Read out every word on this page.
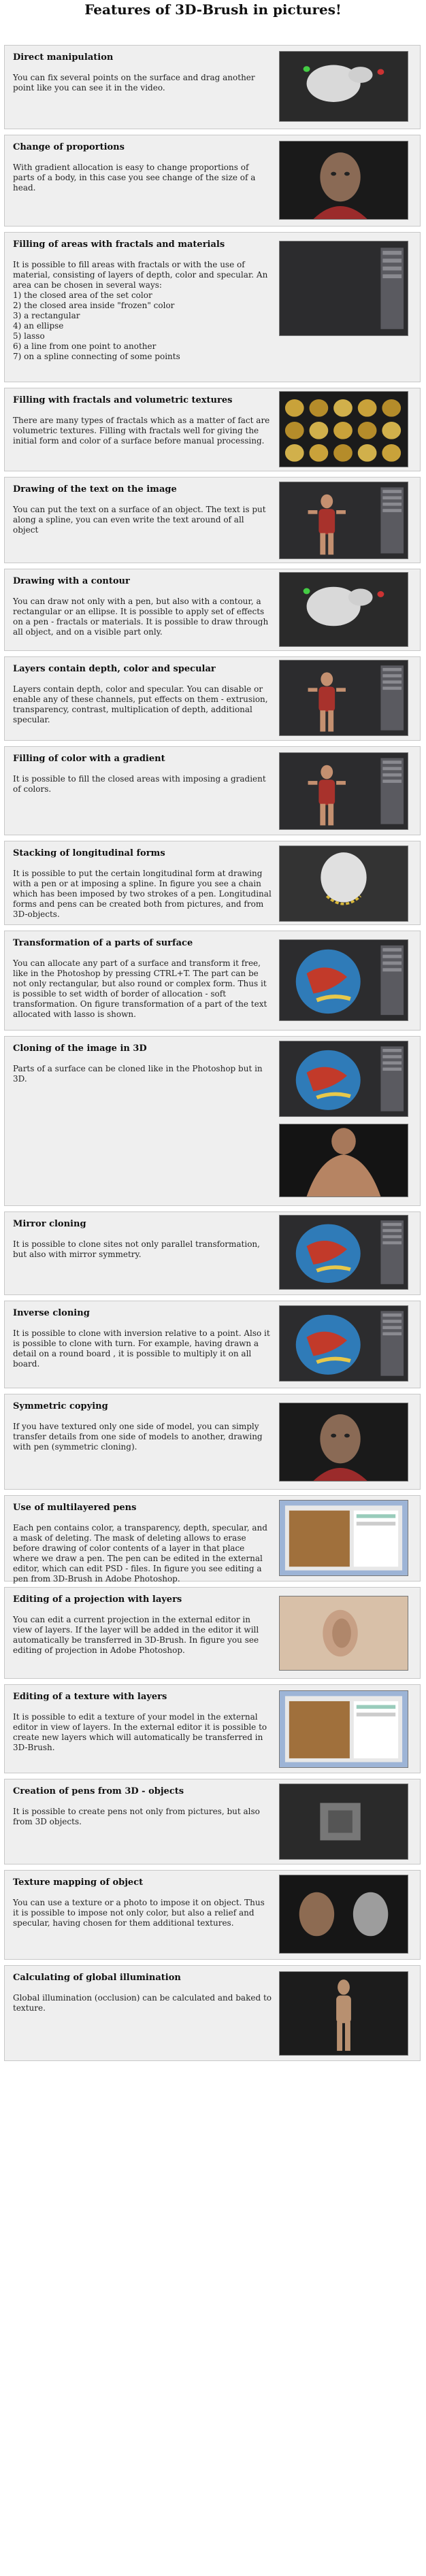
Features of 3D-Brush in pictures!
Direct manipulation
You can fix several points on the surface and drag another point like you can see it in the video.
Change of proportions
With gradient allocation is easy to change proportions of parts of a body, in this case you see change of the size of a head.
Filling of areas with fractals and materials
It is possible to fill areas with fractals or with the use of material, consisting of layers of depth, color and specular. An area can be chosen in several ways:
1) the closed area of the set color
2) the closed area inside "frozen" color
3) a rectangular
4) an ellipse
5) lasso
6) a line from one point to another
7) on a spline connecting of some points
Filling with fractals and volumetric textures
There are many types of fractals which as a matter of fact are volumetric textures. Filling with fractals well for giving the initial form and color of a surface before manual processing.
Drawing of the text on the image
You can put the text on a surface of an object. The text is put along a spline, you can even write the text around of all object
Drawing with a contour
You can draw not only with a pen, but also with a contour, a rectangular or an ellipse. It is possible to apply set of effects on a pen - fractals or materials. It is possible to draw through all object, and on a visible part only.
Layers contain depth, color and specular
Layers contain depth, color and specular. You can disable or enable any of these channels, put effects on them - extrusion, transparency, contrast, multiplication of depth, additional specular.
Filling of color with a gradient
It is possible to fill the closed areas with imposing a gradient of colors.
Stacking of longitudinal forms
It is possible to put the certain longitudinal form at drawing with a pen or at imposing a spline. In figure you see a chain which has been imposed by two strokes of a pen. Longitudinal forms and pens can be created both from pictures, and from 3D-objects.
Transformation of a parts of surface
You can allocate any part of a surface and transform it free, like in the Photoshop by pressing CTRL+T. The part can be not only rectangular, but also round or complex form. Thus it is possible to set width of border of allocation - soft transformation. On figure transformation of a part of the text allocated with lasso is shown.
Cloning of the image in 3D
Parts of a surface can be cloned like in the Photoshop but in 3D.
Mirror cloning
It is possible to clone sites not only parallel transformation, but also with mirror symmetry.
Inverse cloning
It is possible to clone with inversion relative to a point. Also it is possible to clone with turn. For example, having drawn a detail on a round board , it is possible to multiply it on all board.
Symmetric copying
If you have textured only one side of model, you can simply transfer details from one side of models to another, drawing with pen (symmetric cloning).
Use of multilayered pens
Each pen contains color, a transparency, depth, specular, and a mask of deleting. The mask of deleting allows to erase before drawing of color contents of a layer in that place where we draw a pen. The pen can be edited in the external editor, which can edit PSD - files. In figure you see editing a pen from 3D-Brush in Adobe Photoshop.
Editing of a projection with layers
You can edit a current projection in the external editor in view of layers. If the layer will be added in the editor it will automatically be transferred in 3D-Brush. In figure you see editing of projection in Adobe Photoshop.
Editing of a texture with layers
It is possible to edit a texture of your model in the external editor in view of layers. In the external editor it is possible to create new layers which will automatically be transferred in 3D-Brush.
Creation of pens from 3D - objects
It is possible to create pens not only from pictures, but also from 3D objects.
Texture mapping of object
You can use a texture or a photo to impose it on object. Thus it is possible to impose not only color, but also a relief and specular, having chosen for them additional textures.
Calculating of global illumination
Global illumination (occlusion) can be calculated and baked to texture.
